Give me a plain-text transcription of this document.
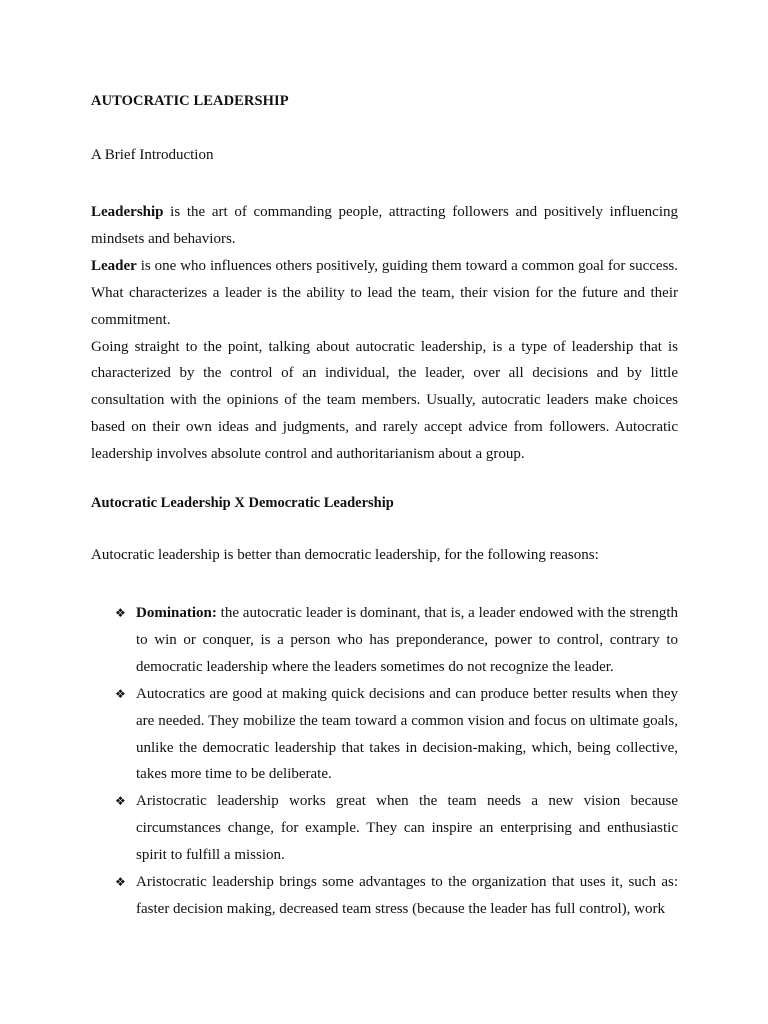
AUTOCRATIC LEADERSHIP
A Brief Introduction

Leadership is the art of commanding people, attracting followers and positively influencing mindsets and behaviors.

Leader is one who influences others positively, guiding them toward a common goal for success. What characterizes a leader is the ability to lead the team, their vision for the future and their commitment.

Going straight to the point, talking about autocratic leadership, is a type of leadership that is characterized by the control of an individual, the leader, over all decisions and by little consultation with the opinions of the team members. Usually, autocratic leaders make choices based on their own ideas and judgments, and rarely accept advice from followers. Autocratic leadership involves absolute control and authoritarianism about a group.

Autocratic Leadership X Democratic Leadership

Autocratic leadership is better than democratic leadership, for the following reasons:

❖ Domination: the autocratic leader is dominant, that is, a leader endowed with the strength to win or conquer, is a person who has preponderance, power to control, contrary to democratic leadership where the leaders sometimes do not recognize the leader.
❖ Autocratics are good at making quick decisions and can produce better results when they are needed. They mobilize the team toward a common vision and focus on ultimate goals, unlike the democratic leadership that takes in decision-making, which, being collective, takes more time to be deliberate.
❖ Aristocratic leadership works great when the team needs a new vision because circumstances change, for example. They can inspire an enterprising and enthusiastic spirit to fulfill a mission.
❖ Aristocratic leadership brings some advantages to the organization that uses it, such as: faster decision making, decreased team stress (because the leader has full control), work
